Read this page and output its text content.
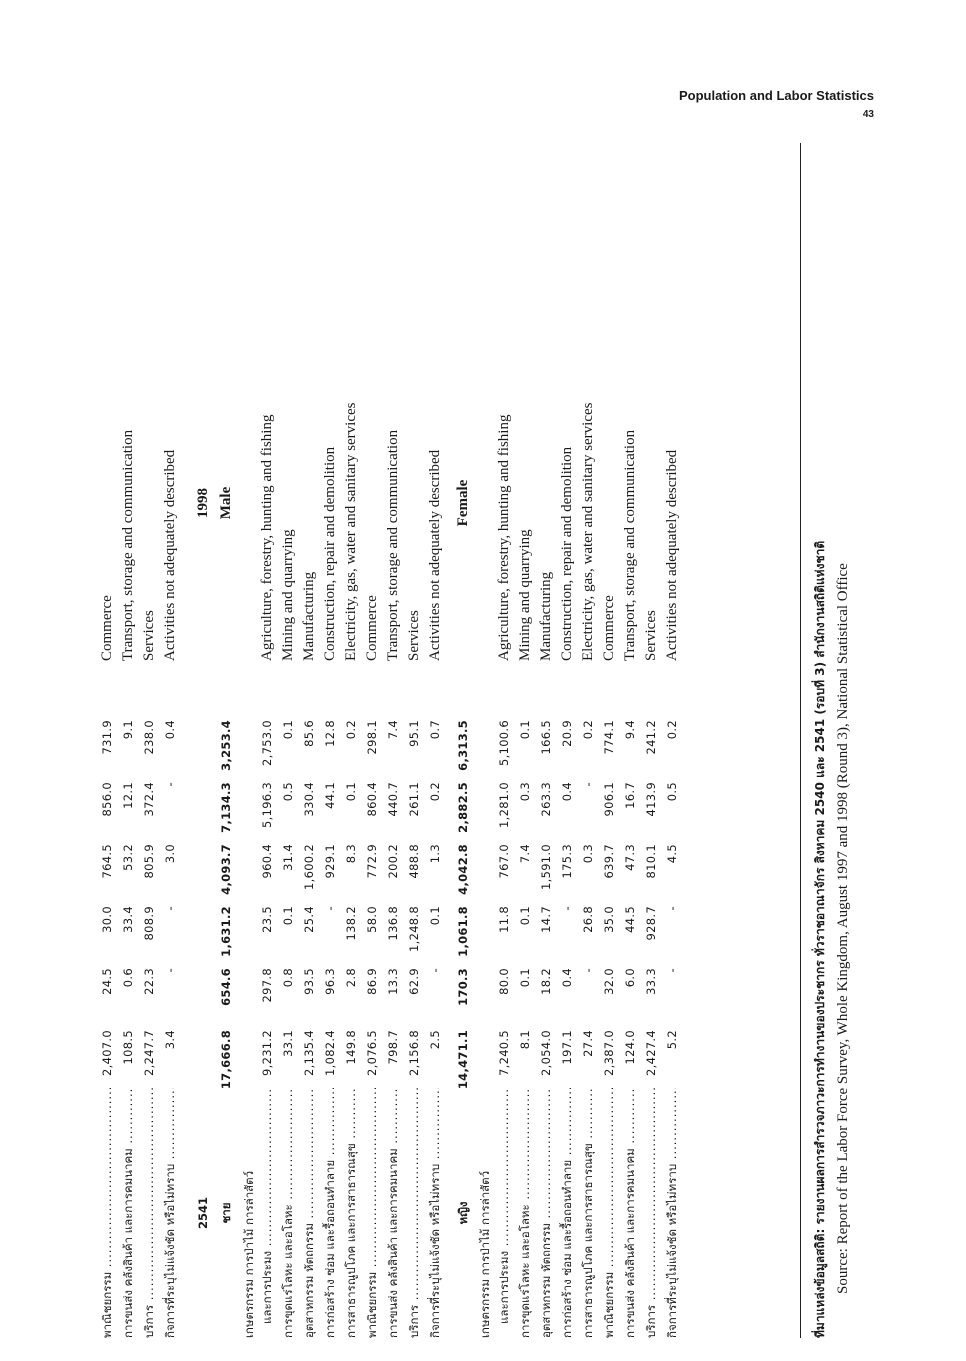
Population and Labor Statistics
43
พาณิชยกรรม .....
2,407.0
24.5
30.0
764.5
856.0
731.9
Commerce
การขนส่ง คลังสินค้า และการคมนาคม .....
108.5
0.6
33.4
53.2
12.1
9.1
Transport, storage and communication
บริการ .....
2,247.7
22.3
808.9
805.9
372.4
238.0
Services
กิจการที่ระบุไม่แจ้งชัด หรือไม่ทราบ .....
3.4
-
-
3.0
-
0.4
Activities not adequately described
2541
1998
ชาย
17,666.8
654.6
1,631.2
4,093.7
7,134.3
3,253.4
Male
เกษตรกรรม การป่าไม้ การล่าสัตว์ และการประมง .....
9,231.2
297.8
23.5
960.4
5,196.3
2,753.0
Agriculture, forestry, hunting and fishing
การขุดแร่โลหะ และอโลหะ .....
33.1
0.8
0.1
31.4
0.5
0.1
Mining and quarrying
อุตสาหกรรม หัตถกรรม .....
2,135.4
93.5
25.4
1,600.2
330.4
85.6
Manufacturing
การก่อสร้าง ซ่อม และรื้อถอนทำลาย .....
1,082.4
96.3
-
929.1
44.1
12.8
Construction, repair and demolition
การสาธารณูปโภค และการสาธารณสุข .....
149.8
2.8
138.2
8.3
0.1
0.2
Electricity, gas, water and sanitary services
พาณิชยกรรม .....
2,076.5
86.9
58.0
772.9
860.4
298.1
Commerce
การขนส่ง คลังสินค้า และการคมนาคม .....
798.7
13.3
136.8
200.2
440.7
7.4
Transport, storage and communication
บริการ .....
2,156.8
62.9
1,248.8
488.8
261.1
95.1
Services
กิจการที่ระบุไม่แจ้งชัด หรือไม่ทราบ .....
2.5
-
0.1
1.3
0.2
0.7
Activities not adequately described
หญิง
14,471.1
170.3
1,061.8
4,042.8
2,882.5
6,313.5
Female
เกษตรกรรม การป่าไม้ การล่าสัตว์ และการประมง .....
7,240.5
80.0
11.8
767.0
1,281.0
5,100.6
Agriculture, forestry, hunting and fishing
การขุดแร่โลหะ และอโลหะ .....
8.1
0.1
0.1
7.4
0.3
0.1
Mining and quarrying
อุตสาหกรรม หัตถกรรม .....
2,054.0
18.2
14.7
1,591.0
263.3
166.5
Manufacturing
การก่อสร้าง ซ่อม และรื้อถอนทำลาย .....
197.1
0.4
-
175.3
0.4
20.9
Construction, repair and demolition
การสาธารณูปโภค และการสาธารณสุข .....
27.4
-
26.8
0.3
-
0.2
Electricity, gas, water and sanitary services
พาณิชยกรรม .....
2,387.0
32.0
35.0
639.7
906.1
774.1
Commerce
การขนส่ง คลังสินค้า และการคมนาคม .....
124.0
6.0
44.5
47.3
16.7
9.4
Transport, storage and communication
บริการ .....
2,427.4
33.3
928.7
810.1
413.9
241.2
Services
กิจการที่ระบุไม่แจ้งชัด หรือไม่ทราบ .....
5.2
-
-
4.5
0.5
0.2
Activities not adequately described	ที่มาแหล่งข้อมูลสถิติ: รายงานผลการสำรวจภาวะการทำงานของประชากร ทั่วราชอาณาจักร สิงหาคม 2540 และ 2541 (รอบที่ 3) สำนักงานสถิติแห่งชาติ Source: Report of the Labor Force Survey, Whole Kingdom, August 1997 and 1998 (Round 3), National Statistical Office
